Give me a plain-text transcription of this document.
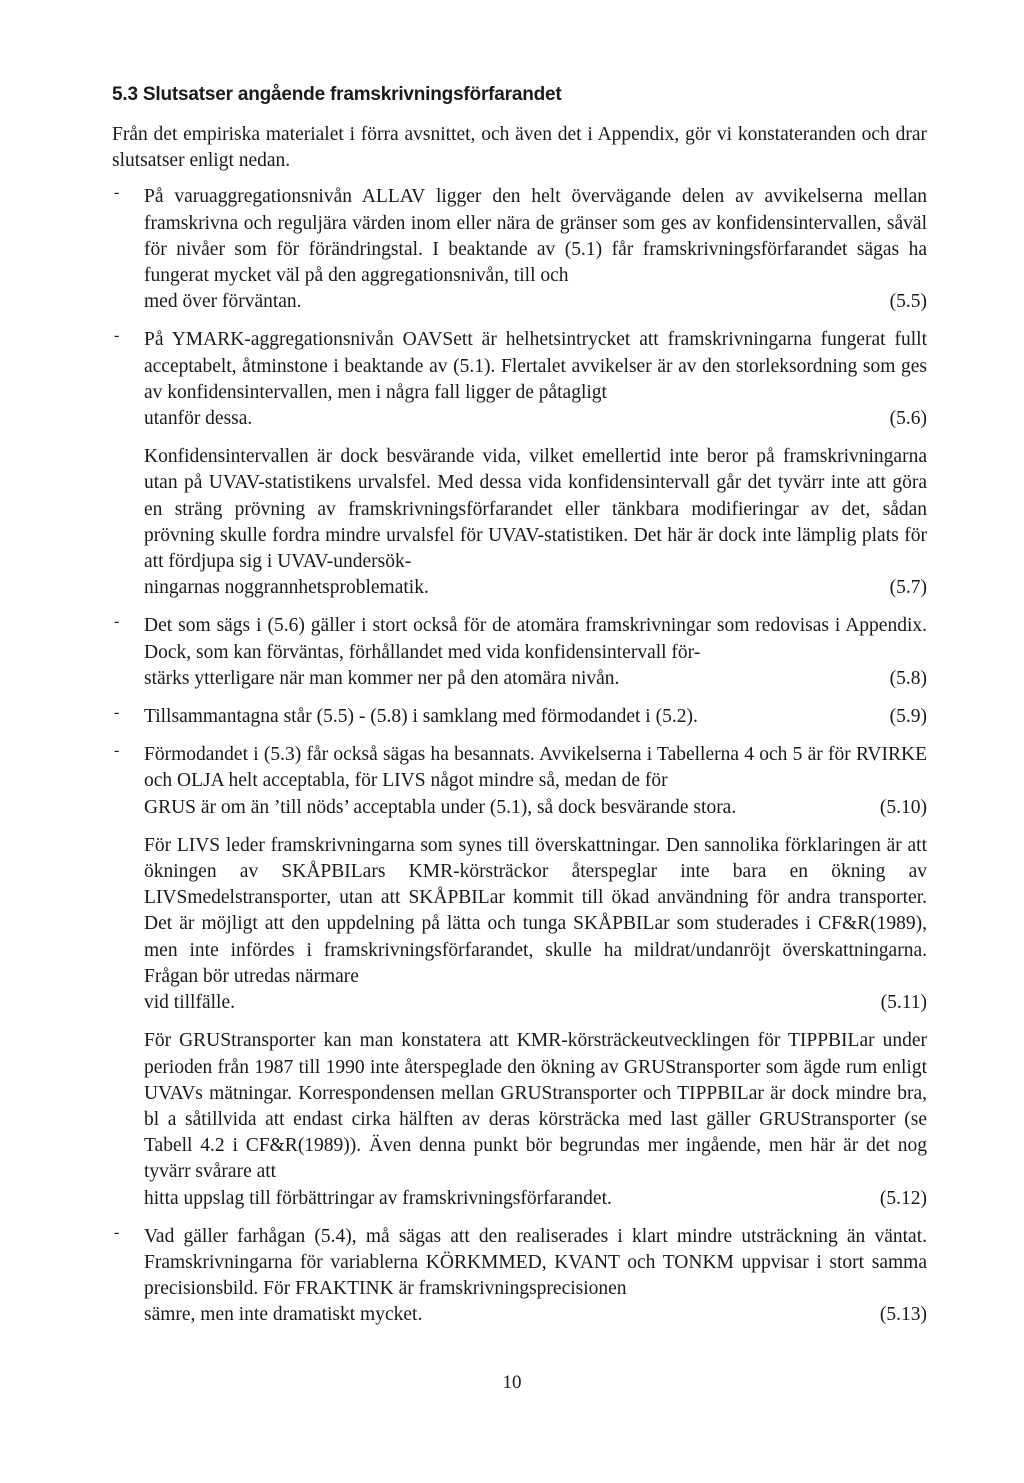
5.3 Slutsatser angående framskrivningsförfarandet

Från det empiriska materialet i förra avsnittet, och även det i Appendix, gör vi konstateranden och drar slutsatser enligt nedan.

- På varuaggregationsnivån ALLAV ligger den helt övervägande delen av avvikelserna mellan framskrivna och reguljära värden inom eller nära de gränser som ges av konfidensintervallen, såväl för nivåer som för förändringstal. I beaktande av (5.1) får framskrivningsförfarandet sägas ha fungerat mycket väl på den aggregationsnivån, till och

med över förväntan.	(5.5)
- På YMARK-aggregationsnivån OAVSett är helhetsintrycket att framskrivningarna fungerat fullt acceptabelt, åtminstone i beaktande av (5.1). Flertalet avvikelser är av den storleksordning som ges av konfidensintervallen, men i några fall ligger de påtagligt

utanför dessa.	(5.6)

Konfidensintervallen är dock besvärande vida, vilket emellertid inte beror på framskrivningarna utan på UVAV-statistikens urvalsfel. Med dessa vida konfidensintervall går det tyvärr inte att göra en sträng prövning av framskrivningsförfarandet eller tänkbara modifieringar av det, sådan prövning skulle fordra mindre urvalsfel för UVAV-statistiken. Det här är dock inte lämplig plats för att fördjupa sig i UVAV-undersök-

ningarnas noggrannhetsproblematik.	(5.7)
- Det som sägs i (5.6) gäller i stort också för de atomära framskrivningar som redovisas i Appendix. Dock, som kan förväntas, förhållandet med vida konfidensintervall för-

stärks ytterligare när man kommer ner på den atomära nivån.	(5.8)
- Tillsammantagna står (5.5) - (5.8) i samklang med förmodandet i (5.2).	(5.9)
- Förmodandet i (5.3) får också sägas ha besannats. Avvikelserna i Tabellerna 4 och 5 är för RVIRKE och OLJA helt acceptabla, för LIVS något mindre så, medan de för

GRUS är om än ’till nöds’ acceptabla under (5.1), så dock besvärande stora.	(5.10)

För LIVS leder framskrivningarna som synes till överskattningar. Den sannolika förklaringen är att ökningen av SKÅPBILars KMR-körsträckor återspeglar inte bara en ökning av LIVSmedelstransporter, utan att SKÅPBILar kommit till ökad användning för andra transporter. Det är möjligt att den uppdelning på lätta och tunga SKÅPBILar som studerades i CF&R(1989), men inte infördes i framskrivningsförfarandet, skulle ha mildrat/undanröjt överskattningarna. Frågan bör utredas närmare

vid tillfälle.	(5.11)

För GRUStransporter kan man konstatera att KMR-körsträckeutvecklingen för TIPPBILar under perioden från 1987 till 1990 inte återspeglade den ökning av GRUStransporter som ägde rum enligt UVAVs mätningar. Korrespondensen mellan GRUStransporter och TIPPBILar är dock mindre bra, bl a såtillvida att endast cirka hälften av deras körsträcka med last gäller GRUStransporter (se Tabell 4.2 i CF&R(1989)). Även denna punkt bör begrundas mer ingående, men här är det nog tyvärr svårare att

hitta uppslag till förbättringar av framskrivningsförfarandet.	(5.12)
- Vad gäller farhågan (5.4), må sägas att den realiserades i klart mindre utsträckning än väntat. Framskrivningarna för variablerna KÖRKMMED, KVANT och TONKM uppvisar i stort samma precisionsbild. För FRAKTINK är framskrivningsprecisionen

sämre, men inte dramatiskt mycket.	(5.13)
10
